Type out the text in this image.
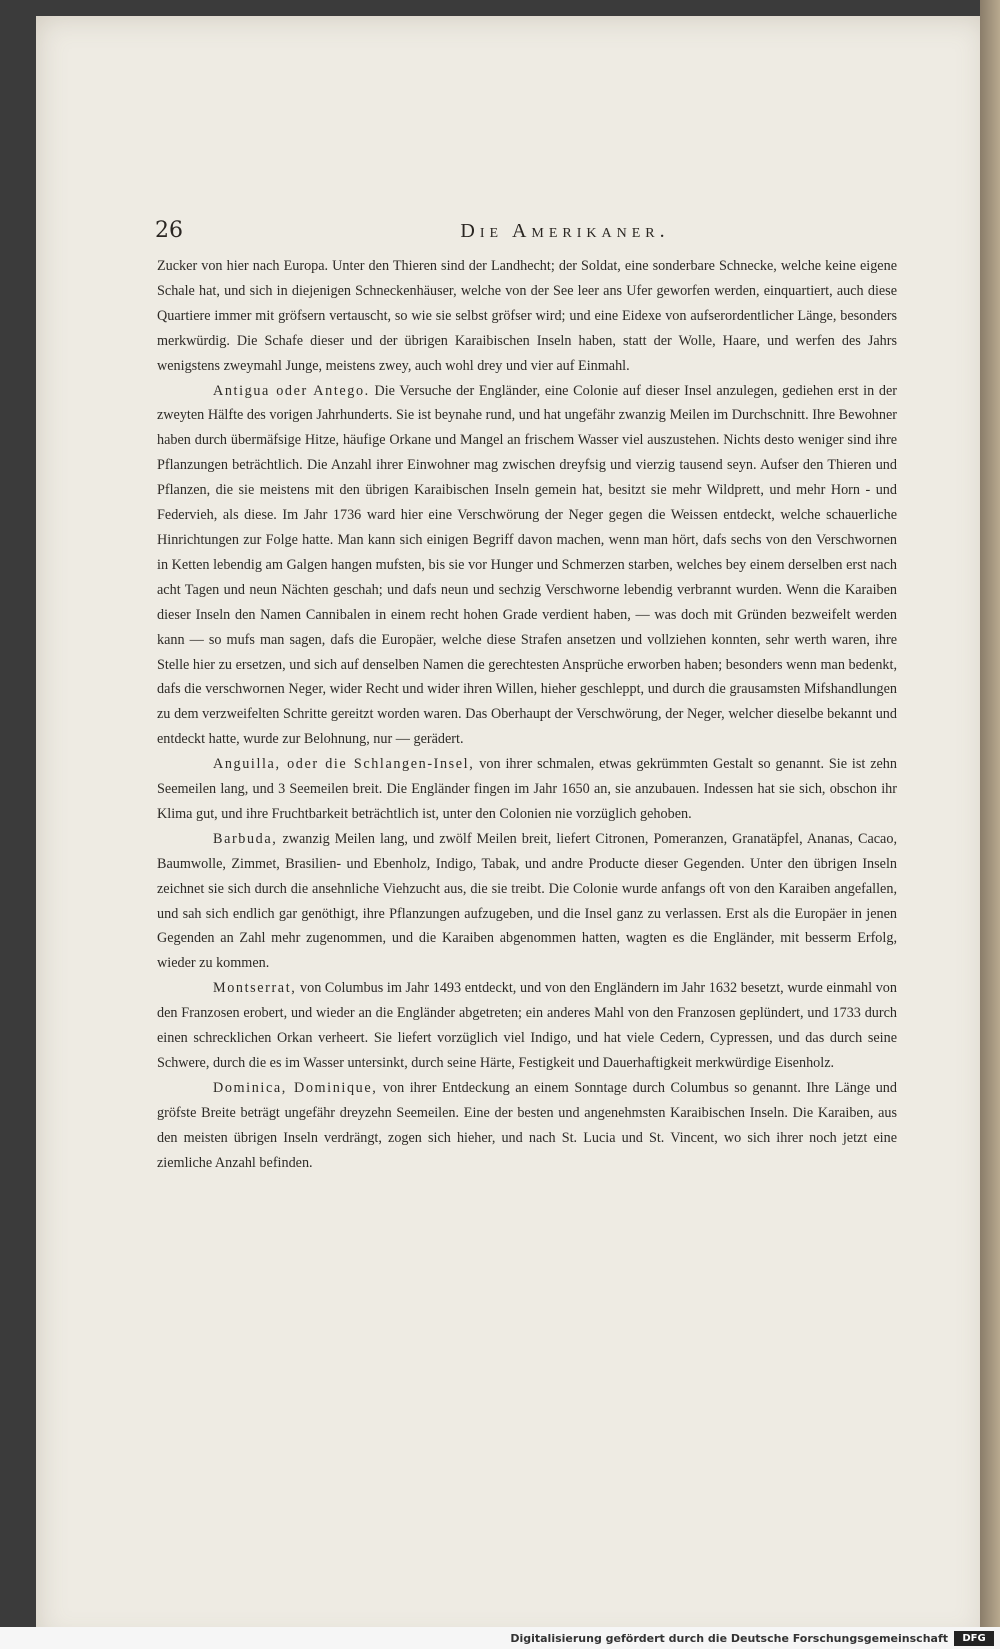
26	Die Amerikaner.

Zucker von hier nach Europa. Unter den Thieren sind der Landhecht; der Soldat, eine sonderbare Schnecke, welche keine eigene Schale hat, und sich in diejenigen Schneckenhäuser, welche von der See leer ans Ufer geworfen werden, einquartiert, auch diese Quartiere immer mit gröfsern vertauscht, so wie sie selbst gröfser wird; und eine Eidexe von aufserordentlicher Länge, besonders merkwürdig. Die Schafe dieser und der übrigen Karaibischen Inseln haben, statt der Wolle, Haare, und werfen des Jahrs wenigstens zweymahl Junge, meistens zwey, auch wohl drey und vier auf Einmahl.

Antigua oder Antego. Die Versuche der Engländer, eine Colonie auf dieser Insel anzulegen, gediehen erst in der zweyten Hälfte des vorigen Jahrhunderts. Sie ist beynahe rund, und hat ungefähr zwanzig Meilen im Durchschnitt. Ihre Bewohner haben durch übermäfsige Hitze, häufige Orkane und Mangel an frischem Wasser viel auszustehen. Nichts desto weniger sind ihre Pflanzungen beträchtlich. Die Anzahl ihrer Einwohner mag zwischen dreyfsig und vierzig tausend seyn. Aufser den Thieren und Pflanzen, die sie meistens mit den übrigen Karaibischen Inseln gemein hat, besitzt sie mehr Wildprett, und mehr Horn - und Federvieh, als diese. Im Jahr 1736 ward hier eine Verschwörung der Neger gegen die Weissen entdeckt, welche schauerliche Hinrichtungen zur Folge hatte. Man kann sich einigen Begriff davon machen, wenn man hört, dafs sechs von den Verschwornen in Ketten lebendig am Galgen hangen mufsten, bis sie vor Hunger und Schmerzen starben, welches bey einem derselben erst nach acht Tagen und neun Nächten geschah; und dafs neun und sechzig Verschworne lebendig verbrannt wurden. Wenn die Karaiben dieser Inseln den Namen Cannibalen in einem recht hohen Grade verdient haben, — was doch mit Gründen bezweifelt werden kann — so mufs man sagen, dafs die Europäer, welche diese Strafen ansetzen und vollziehen konnten, sehr werth waren, ihre Stelle hier zu ersetzen, und sich auf denselben Namen die gerechtesten Ansprüche erworben haben; besonders wenn man bedenkt, dafs die verschwornen Neger, wider Recht und wider ihren Willen, hieher geschleppt, und durch die grausamsten Mifshandlungen zu dem verzweifelten Schritte gereitzt worden waren. Das Oberhaupt der Verschwörung, der Neger, welcher dieselbe bekannt und entdeckt hatte, wurde zur Belohnung, nur — gerädert.

Anguilla, oder die Schlangen-Insel, von ihrer schmalen, etwas gekrümmten Gestalt so genannt. Sie ist zehn Seemeilen lang, und 3 Seemeilen breit. Die Engländer fingen im Jahr 1650 an, sie anzubauen. Indessen hat sie sich, obschon ihr Klima gut, und ihre Fruchtbarkeit beträchtlich ist, unter den Colonien nie vorzüglich gehoben.

Barbuda, zwanzig Meilen lang, und zwölf Meilen breit, liefert Citronen, Pomeranzen, Granatäpfel, Ananas, Cacao, Baumwolle, Zimmet, Brasilien- und Ebenholz, Indigo, Tabak, und andre Producte dieser Gegenden. Unter den übrigen Inseln zeichnet sie sich durch die ansehnliche Viehzucht aus, die sie treibt. Die Colonie wurde anfangs oft von den Karaiben angefallen, und sah sich endlich gar genöthigt, ihre Pflanzungen aufzugeben, und die Insel ganz zu verlassen. Erst als die Europäer in jenen Gegenden an Zahl mehr zugenommen, und die Karaiben abgenommen hatten, wagten es die Engländer, mit besserm Erfolg, wieder zu kommen.

Montserrat, von Columbus im Jahr 1493 entdeckt, und von den Engländern im Jahr 1632 besetzt, wurde einmahl von den Franzosen erobert, und wieder an die Engländer abgetreten; ein anderes Mahl von den Franzosen geplündert, und 1733 durch einen schrecklichen Orkan verheert. Sie liefert vorzüglich viel Indigo, und hat viele Cedern, Cypressen, und das durch seine Schwere, durch die es im Wasser untersinkt, durch seine Härte, Festigkeit und Dauerhaftigkeit merkwürdige Eisenholz.

Dominica, Dominique, von ihrer Entdeckung an einem Sonntage durch Columbus so genannt. Ihre Länge und gröfste Breite beträgt ungefähr dreyzehn Seemeilen. Eine der besten und angenehmsten Karaibischen Inseln. Die Karaiben, aus den meisten übrigen Inseln verdrängt, zogen sich hieher, und nach St. Lucia und St. Vincent, wo sich ihrer noch jetzt eine ziemliche Anzahl befinden.

Digitalisierung gefördert durch die Deutsche Forschungsgemeinschaft	DFG
